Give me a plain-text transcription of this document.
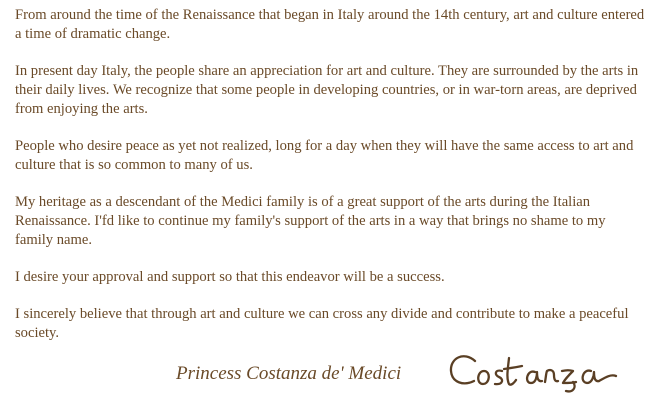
From around the time of the Renaissance that began in Italy around the 14th century, art and culture entered a time of dramatic change.

In present day Italy, the people share an appreciation for art and culture. They are surrounded by the arts in their daily lives. We recognize that some people in developing countries, or in war-torn areas, are deprived from enjoying the arts.

People who desire peace as yet not realized, long for a day when they will have the same access to art and culture that is so common to many of us.

My heritage as a descendant of the Medici family is of a great support of the arts during the Italian Renaissance. I'fd like to continue my family's support of the arts in a way that brings no shame to my family name.

I desire your approval and support so that this endeavor will be a success.

I sincerely believe that through art and culture we can cross any divide and contribute to make a peaceful society.

Princess Costanza de' Medici
